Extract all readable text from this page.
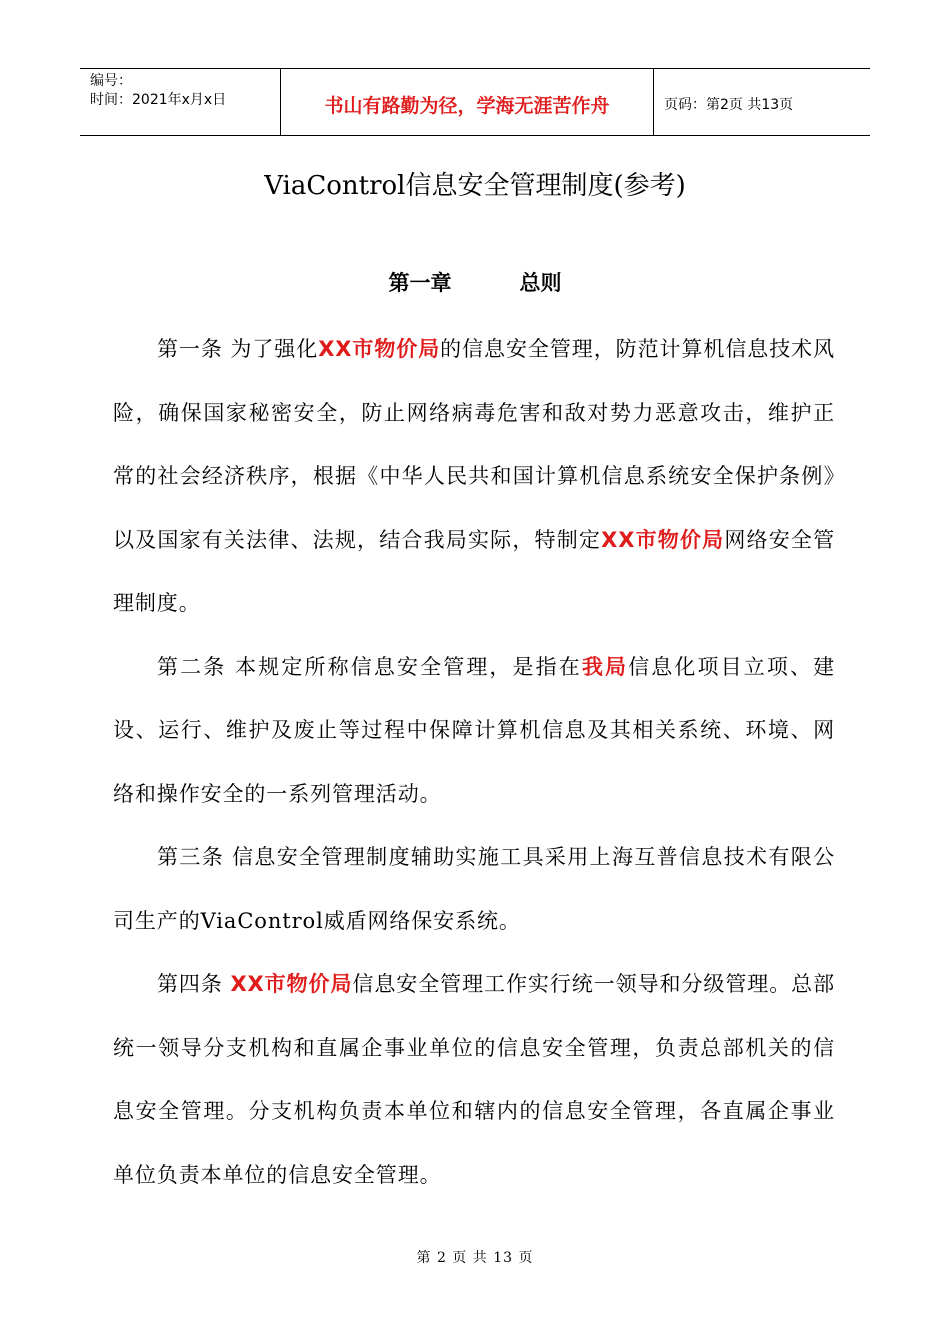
编号：
时间：2021年x月x日	书山有路勤为径，学海无涯苦作舟	页码：第2页 共13页
ViaControl信息安全管理制度(参考)
第一章	总则

第一条 为了强化XX市物价局的信息安全管理，防范计算机信息技术风险，确保国家秘密安全，防止网络病毒危害和敌对势力恶意攻击，维护正常的社会经济秩序，根据《中华人民共和国计算机信息系统安全保护条例》以及国家有关法律、法规，结合我局实际，特制定XX市物价局网络安全管理制度。

第二条 本规定所称信息安全管理，是指在我局信息化项目立项、建设、运行、维护及废止等过程中保障计算机信息及其相关系统、环境、网络和操作安全的一系列管理活动。

第三条 信息安全管理制度辅助实施工具采用上海互普信息技术有限公司生产的ViaControl威盾网络保安系统。

第四条 XX市物价局信息安全管理工作实行统一领导和分级管理。总部统一领导分支机构和直属企事业单位的信息安全管理，负责总部机关的信息安全管理。分支机构负责本单位和辖内的信息安全管理，各直属企事业单位负责本单位的信息安全管理。

第 2 页 共 13 页
